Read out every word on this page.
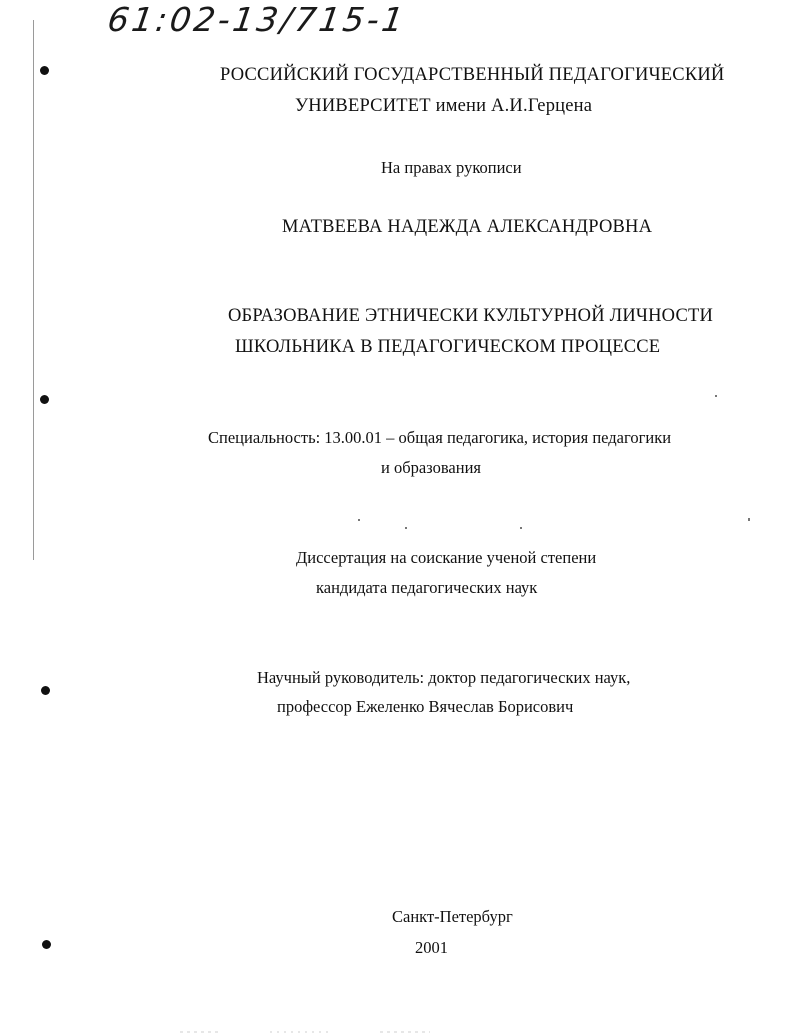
61:02-13/715-1
РОССИЙСКИЙ ГОСУДАРСТВЕННЫЙ ПЕДАГОГИЧЕСКИЙ
УНИВЕРСИТЕТ имени А.И.Герцена
На правах рукописи
МАТВЕЕВА НАДЕЖДА АЛЕКСАНДРОВНА
ОБРАЗОВАНИЕ ЭТНИЧЕСКИ КУЛЬТУРНОЙ ЛИЧНОСТИ
ШКОЛЬНИКА В ПЕДАГОГИЧЕСКОМ ПРОЦЕССЕ
Специальность: 13.00.01 – общая педагогика, история педагогики
и образования
Диссертация на соискание ученой степени
кандидата педагогических наук
Научный руководитель: доктор педагогических наук,
профессор Ежеленко Вячеслав Борисович
Санкт-Петербург
2001
